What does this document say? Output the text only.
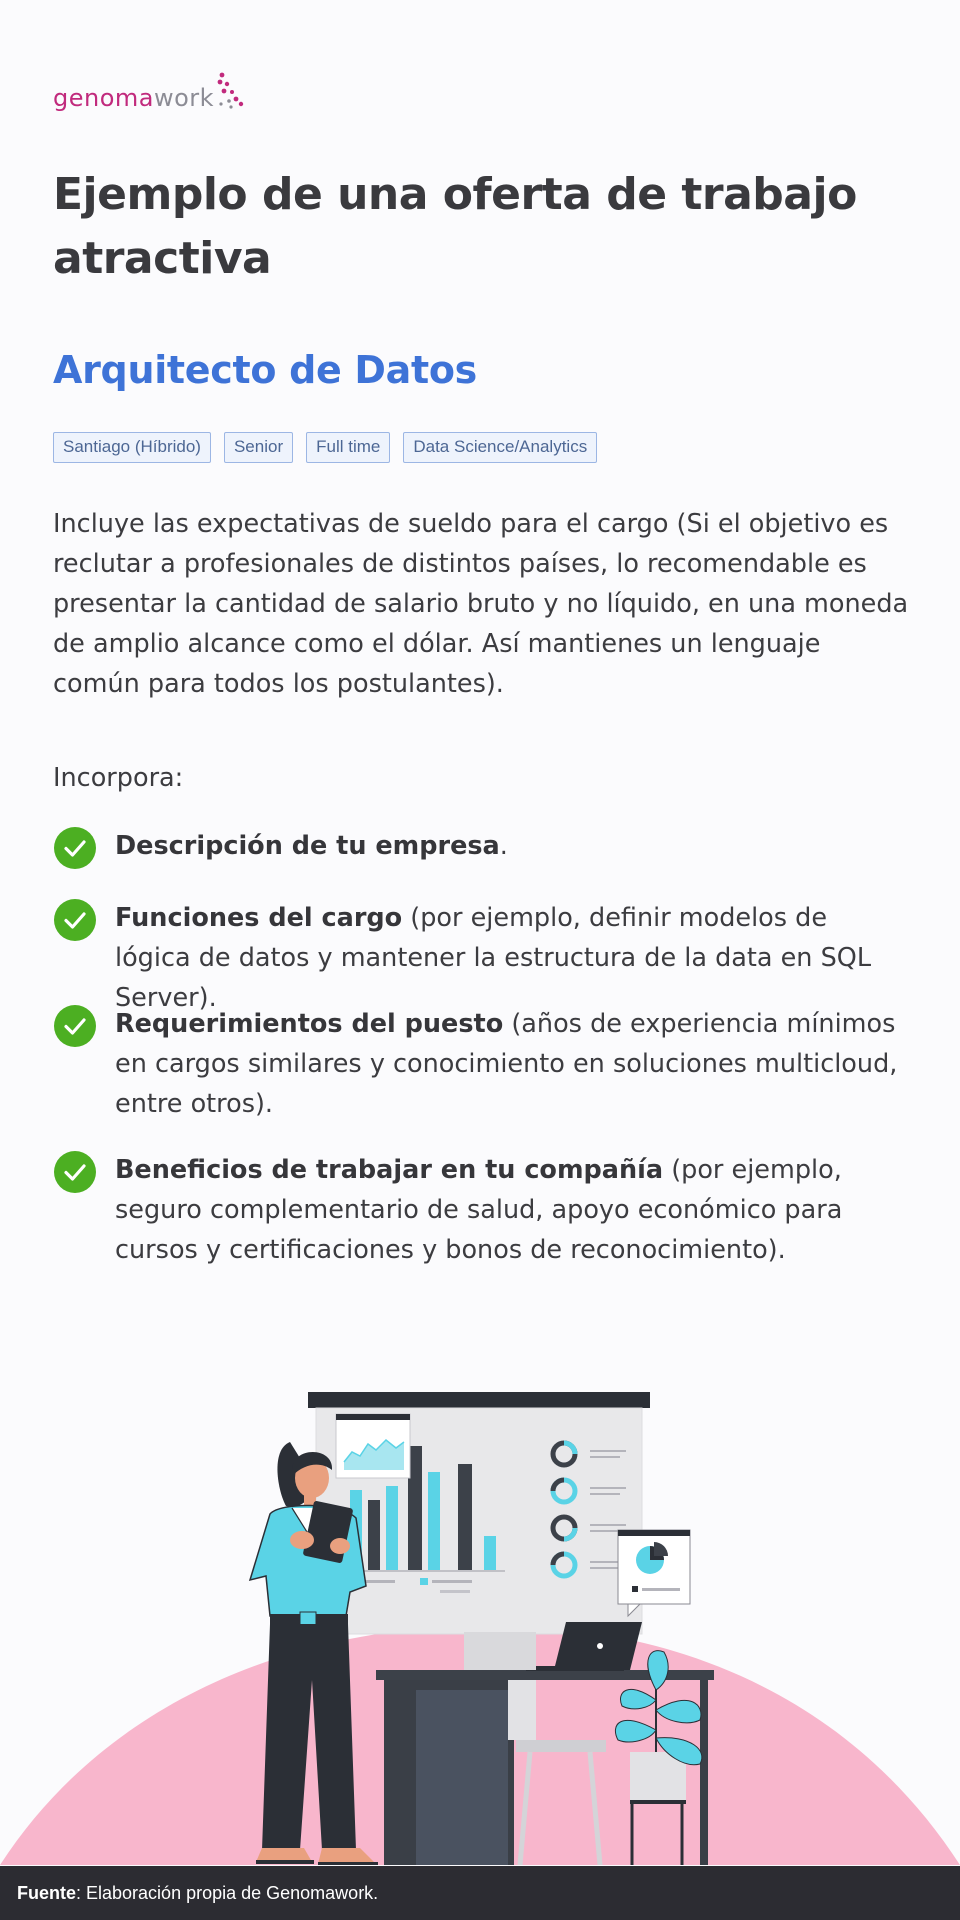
genoma work
Ejemplo de una oferta de trabajo atractiva
Arquitecto de Datos
Santiago (Híbrido)	Senior	Full time	Data Science/Analytics

Incluye las expectativas de sueldo para el cargo (Si el objetivo es reclutar a profesionales de distintos países, lo recomendable es presentar la cantidad de salario bruto y no líquido, en una moneda de amplio alcance como el dólar. Así mantienes un lenguaje común para todos los postulantes).

Incorpora:

Descripción de tu empresa.
Funciones del cargo (por ejemplo, definir modelos de lógica de datos y mantener la estructura de la data en SQL Server).
Requerimientos del puesto (años de experiencia mínimos en cargos similares y conocimiento en soluciones multicloud, entre otros).
Beneficios de trabajar en tu compañía (por ejemplo, seguro complementario de salud, apoyo económico para cursos y certificaciones y bonos de reconocimiento).
Fuente: Elaboración propia de Genomawork.
